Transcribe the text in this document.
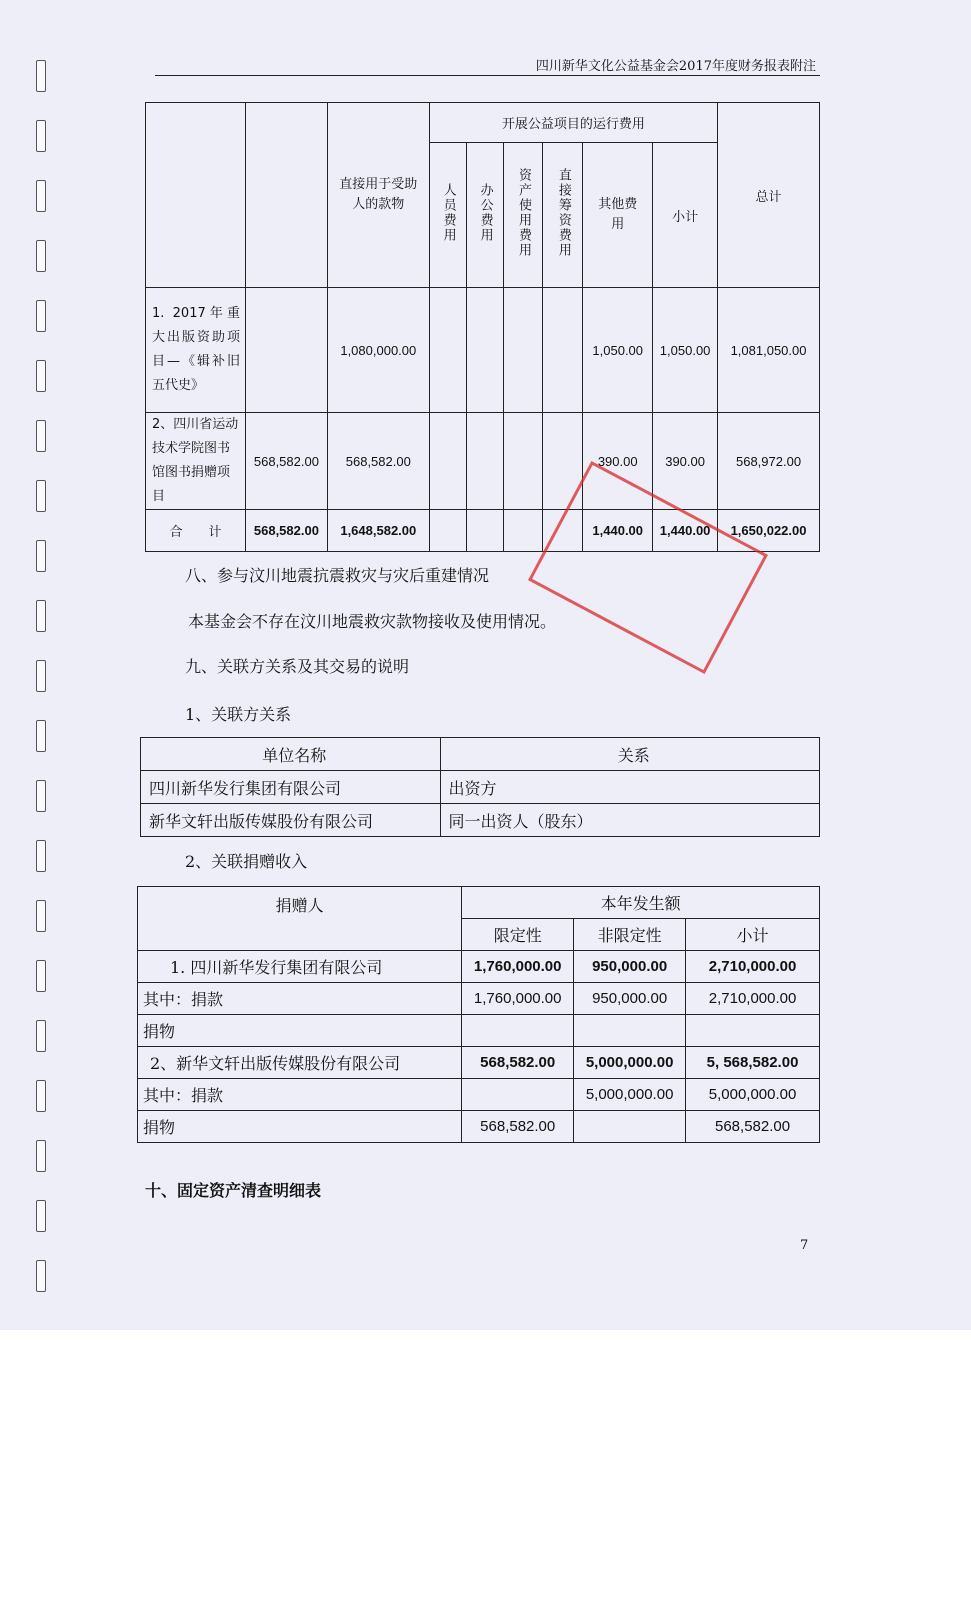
四川新华文化公益基金会2017年度财务报表附注
		直接用于受助人的款物	开展公益项目的运行费用						总计
			人员费用	办公费用	资产使用费用	直接筹资费用	其他费用	小计	
1. 2017年重大出版资助项目—《辑补旧五代史》		1,080,000.00					1,050.00	1,050.00	1,081,050.00
2、四川省运动技术学院图书馆图书捐赠项目	568,582.00	568,582.00					390.00	390.00	568,972.00
合　　计	568,582.00	1,648,582.00					1,440.00	1,440.00	1,650,022.00
八、参与汶川地震抗震救灾与灾后重建情况
本基金会不存在汶川地震救灾款物接收及使用情况。
九、关联方关系及其交易的说明
1、关联方关系
单位名称	关系
四川新华发行集团有限公司	出资方
新华文轩出版传媒股份有限公司	同一出资人（股东）
2、关联捐赠收入
捐赠人	本年发生额		
	限定性	非限定性	小计
1. 四川新华发行集团有限公司	1,760,000.00	950,000.00	2,710,000.00
其中：捐款	1,760,000.00	950,000.00	2,710,000.00
捐物			
2、新华文轩出版传媒股份有限公司	568,582.00	5,000,000.00	5, 568,582.00
其中：捐款		5,000,000.00	5,000,000.00
捐物	568,582.00		568,582.00
十、固定资产清查明细表
7
